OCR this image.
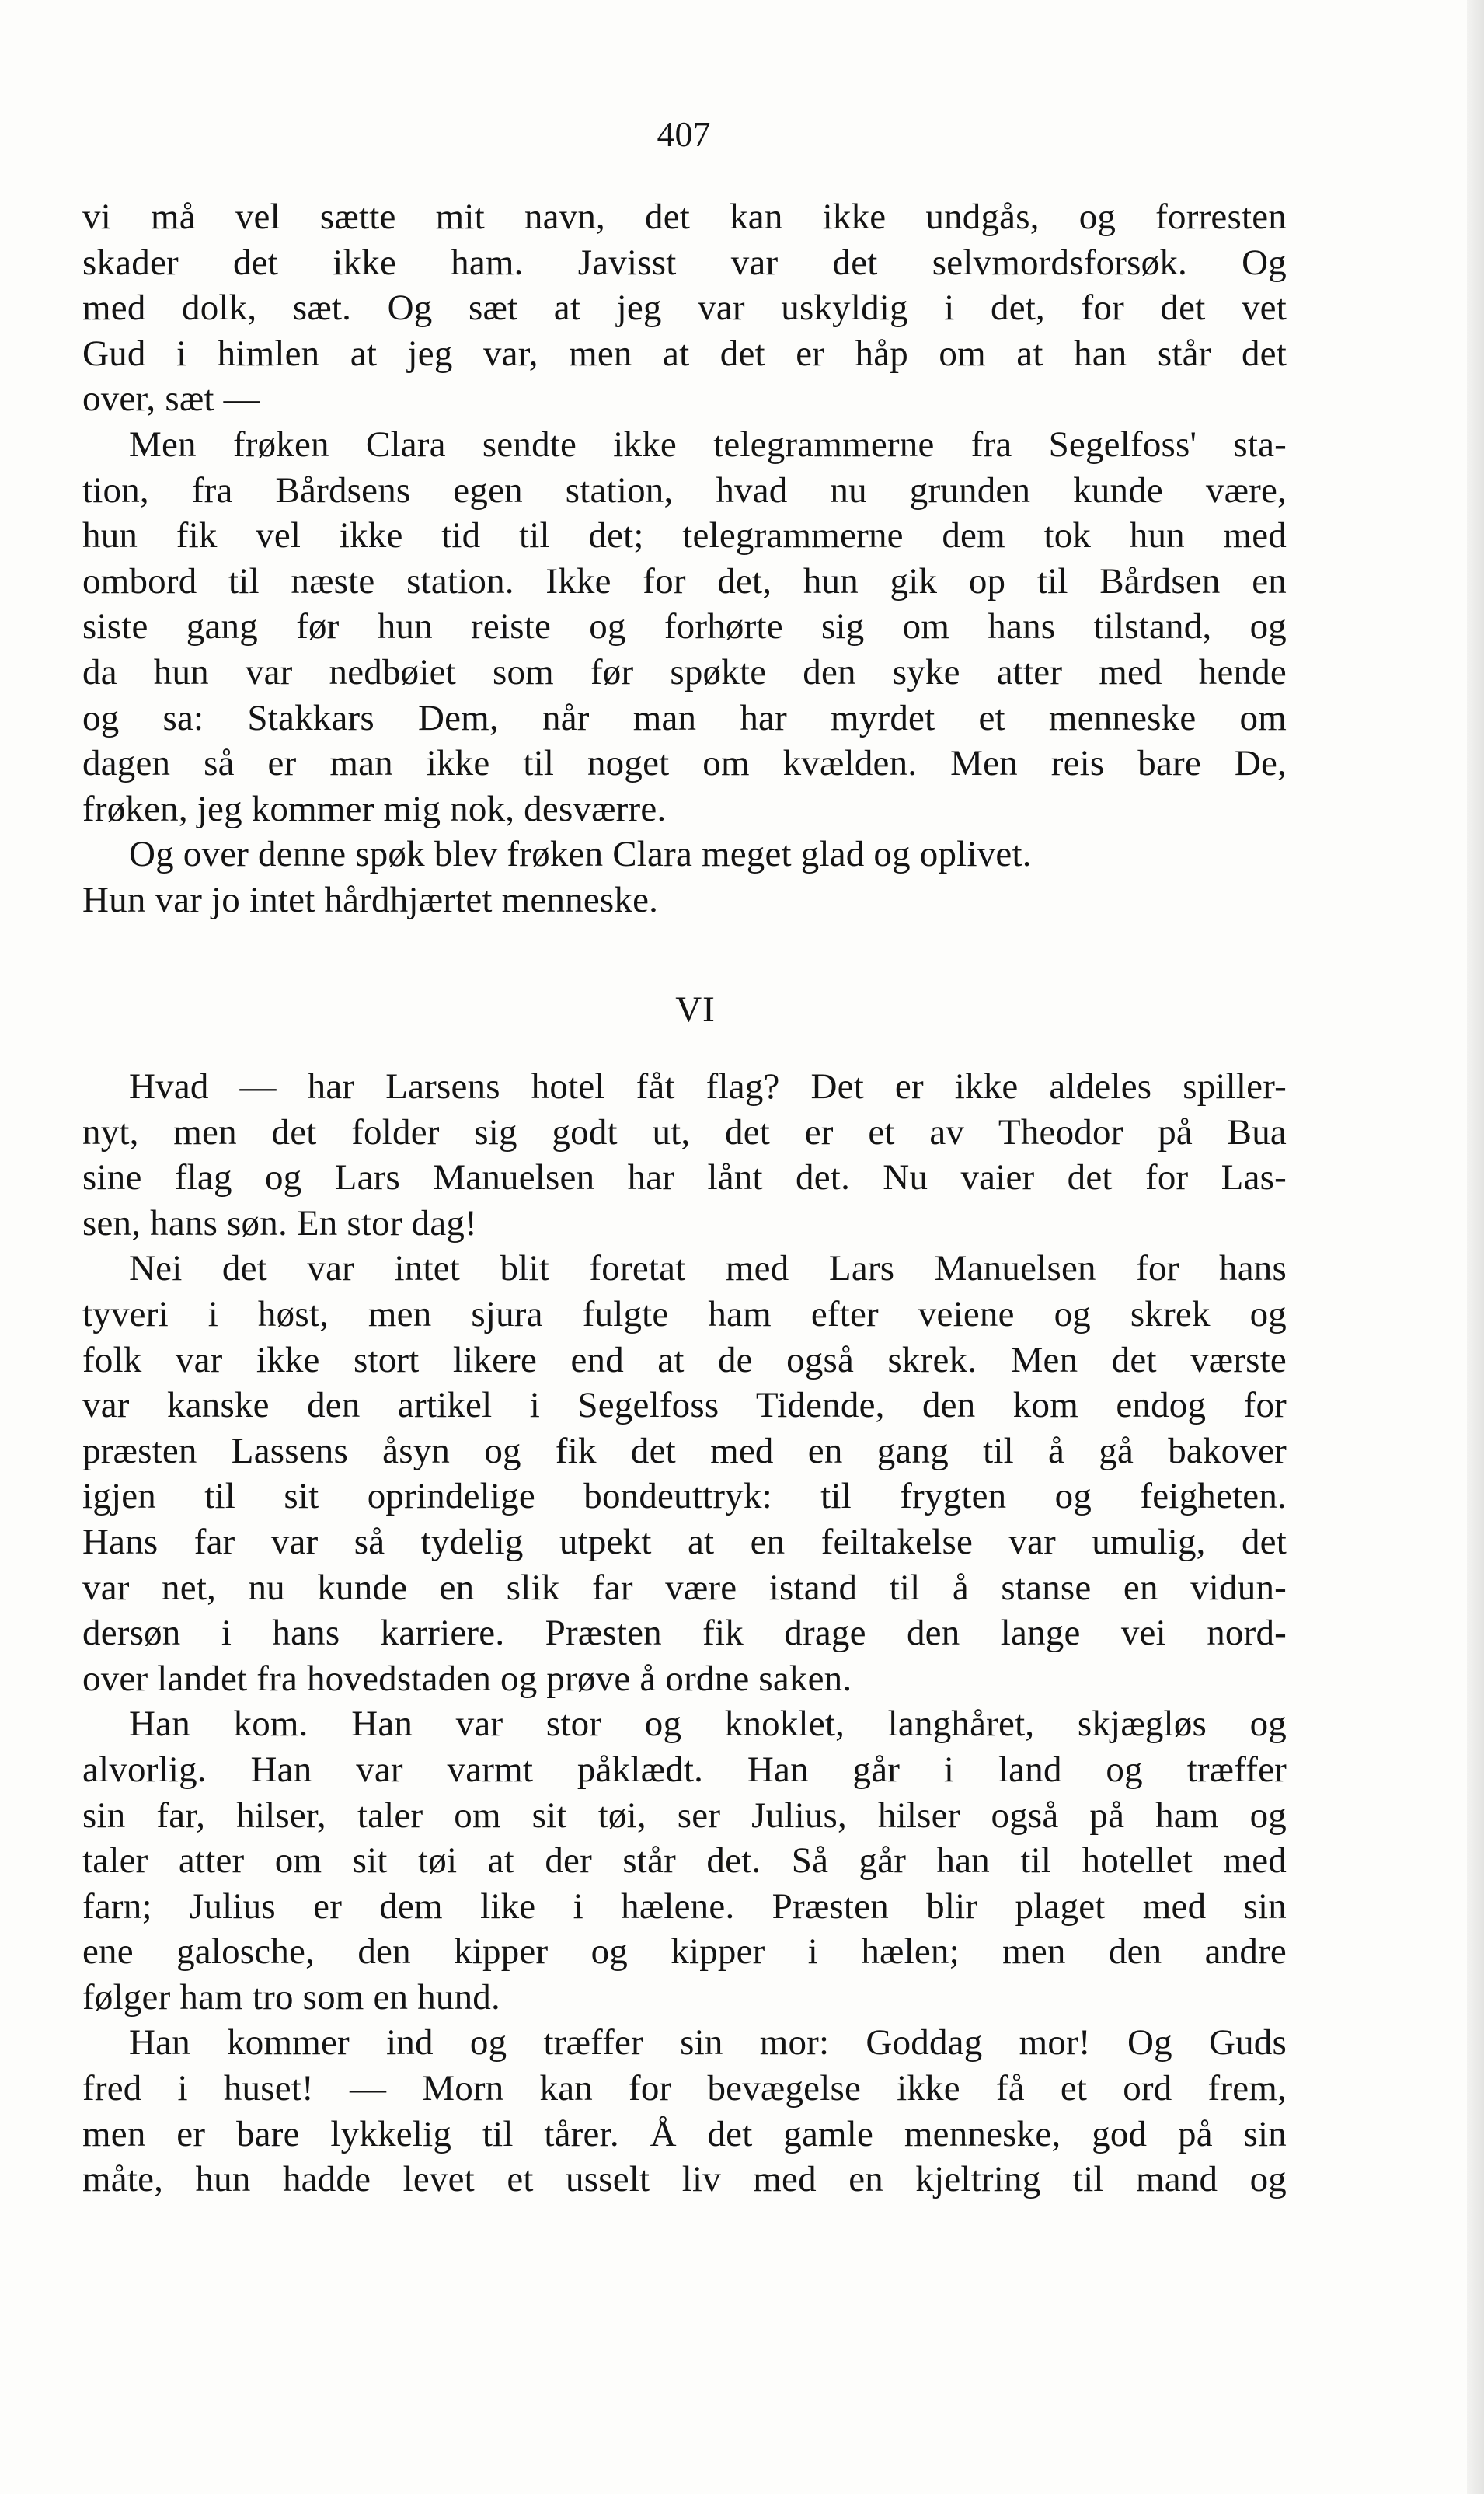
407
vi må vel sætte mit navn, det kan ikke undgås, og forresten
skader det ikke ham. Javisst var det selvmordsforsøk. Og
med dolk, sæt. Og sæt at jeg var uskyldig i det, for det vet
Gud i himlen at jeg var, men at det er håp om at han står det
over, sæt —
Men frøken Clara sendte ikke telegrammerne fra Segelfoss' sta-
tion, fra Bårdsens egen station, hvad nu grunden kunde være,
hun fik vel ikke tid til det; telegrammerne dem tok hun med
ombord til næste station. Ikke for det, hun gik op til Bårdsen en
siste gang før hun reiste og forhørte sig om hans tilstand, og
da hun var nedbøiet som før spøkte den syke atter med hende
og sa: Stakkars Dem, når man har myrdet et menneske om
dagen så er man ikke til noget om kvælden. Men reis bare De,
frøken, jeg kommer mig nok, desværre.
Og over denne spøk blev frøken Clara meget glad og oplivet.
Hun var jo intet hårdhjærtet menneske.
VI
Hvad — har Larsens hotel fåt flag? Det er ikke aldeles spiller-
nyt, men det folder sig godt ut, det er et av Theodor på Bua
sine flag og Lars Manuelsen har lånt det. Nu vaier det for Las-
sen, hans søn. En stor dag!
Nei det var intet blit foretat med Lars Manuelsen for hans
tyveri i høst, men sjura fulgte ham efter veiene og skrek og
folk var ikke stort likere end at de også skrek. Men det værste
var kanske den artikel i Segelfoss Tidende, den kom endog for
præsten Lassens åsyn og fik det med en gang til å gå bakover
igjen til sit oprindelige bondeuttryk: til frygten og feigheten.
Hans far var så tydelig utpekt at en feiltakelse var umulig, det
var net, nu kunde en slik far være istand til å stanse en vidun-
dersøn i hans karriere. Præsten fik drage den lange vei nord-
over landet fra hovedstaden og prøve å ordne saken.
Han kom. Han var stor og knoklet, langhåret, skjægløs og
alvorlig. Han var varmt påklædt. Han går i land og træffer
sin far, hilser, taler om sit tøi, ser Julius, hilser også på ham og
taler atter om sit tøi at der står det. Så går han til hotellet med
farn; Julius er dem like i hælene. Præsten blir plaget med sin
ene galosche, den kipper og kipper i hælen; men den andre
følger ham tro som en hund.
Han kommer ind og træffer sin mor: Goddag mor! Og Guds
fred i huset! — Morn kan for bevægelse ikke få et ord frem,
men er bare lykkelig til tårer. Å det gamle menneske, god på sin
måte, hun hadde levet et usselt liv med en kjeltring til mand og
